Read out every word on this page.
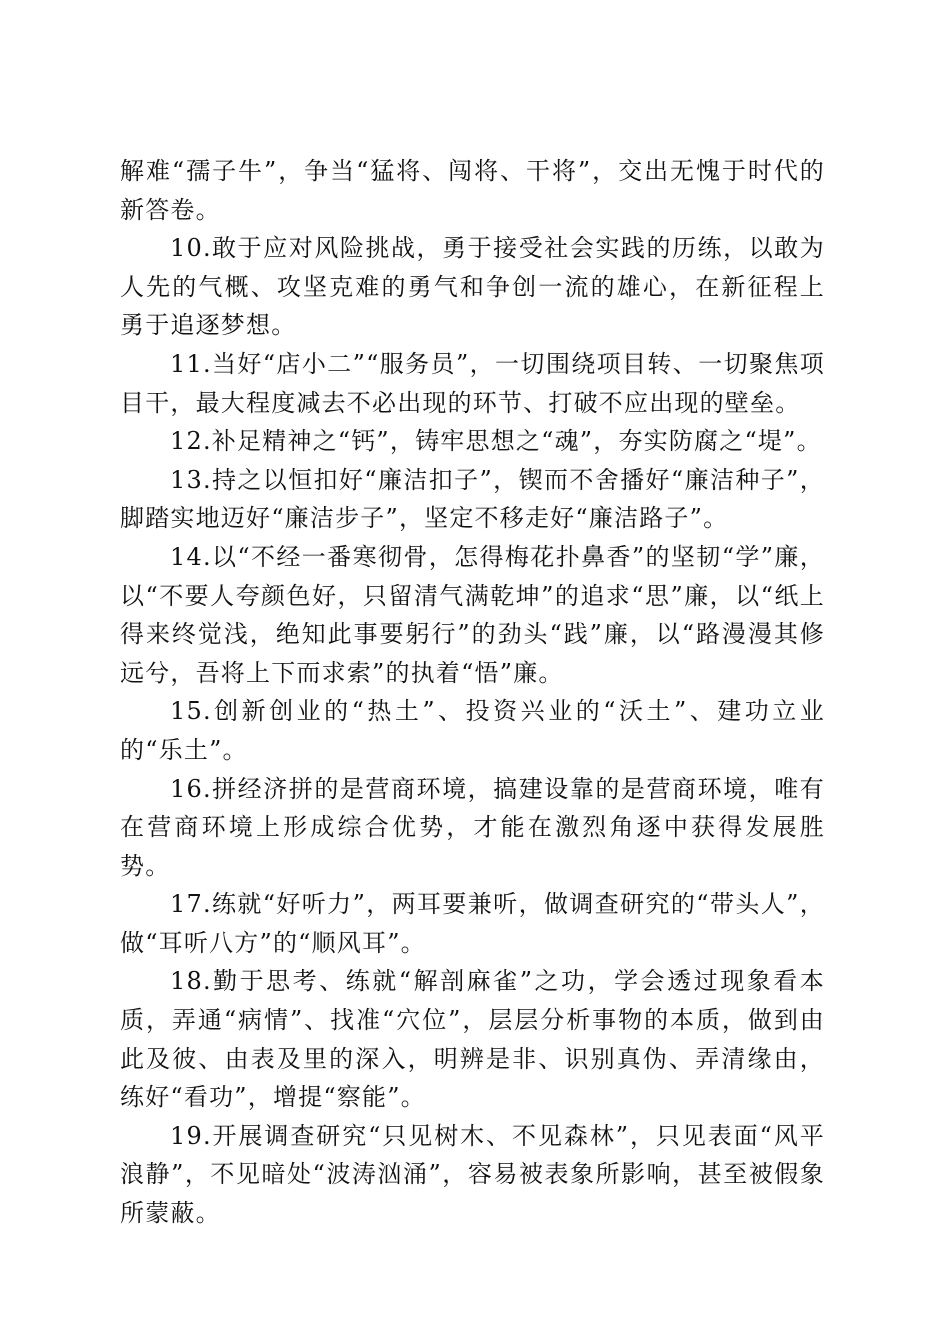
解难“孺子牛”，争当“猛将、闯将、干将”，交出无愧于时代的新答卷。

10.敢于应对风险挑战，勇于接受社会实践的历练，以敢为人先的气概、攻坚克难的勇气和争创一流的雄心，在新征程上勇于追逐梦想。

11.当好“店小二”“服务员”，一切围绕项目转、一切聚焦项目干，最大程度减去不必出现的环节、打破不应出现的壁垒。

12.补足精神之“钙”，铸牢思想之“魂”，夯实防腐之“堤”。

13.持之以恒扣好“廉洁扣子”，锲而不舍播好“廉洁种子”，脚踏实地迈好“廉洁步子”，坚定不移走好“廉洁路子”。

14.以“不经一番寒彻骨，怎得梅花扑鼻香”的坚韧“学”廉，以“不要人夸颜色好，只留清气满乾坤”的追求“思”廉，以“纸上得来终觉浅，绝知此事要躬行”的劲头“践”廉，以“路漫漫其修远兮，吾将上下而求索”的执着“悟”廉。

15.创新创业的“热土”、投资兴业的“沃土”、建功立业的“乐土”。

16.拼经济拼的是营商环境，搞建设靠的是营商环境，唯有在营商环境上形成综合优势，才能在激烈角逐中获得发展胜势。

17.练就“好听力”，两耳要兼听，做调查研究的“带头人”，做“耳听八方”的“顺风耳”。

18.勤于思考、练就“解剖麻雀”之功，学会透过现象看本质，弄通“病情”、找准“穴位”，层层分析事物的本质，做到由此及彼、由表及里的深入，明辨是非、识别真伪、弄清缘由，练好“看功”，增提“察能”。

19.开展调查研究“只见树木、不见森林”，只见表面“风平浪静”，不见暗处“波涛汹涌”，容易被表象所影响，甚至被假象所蒙蔽。
